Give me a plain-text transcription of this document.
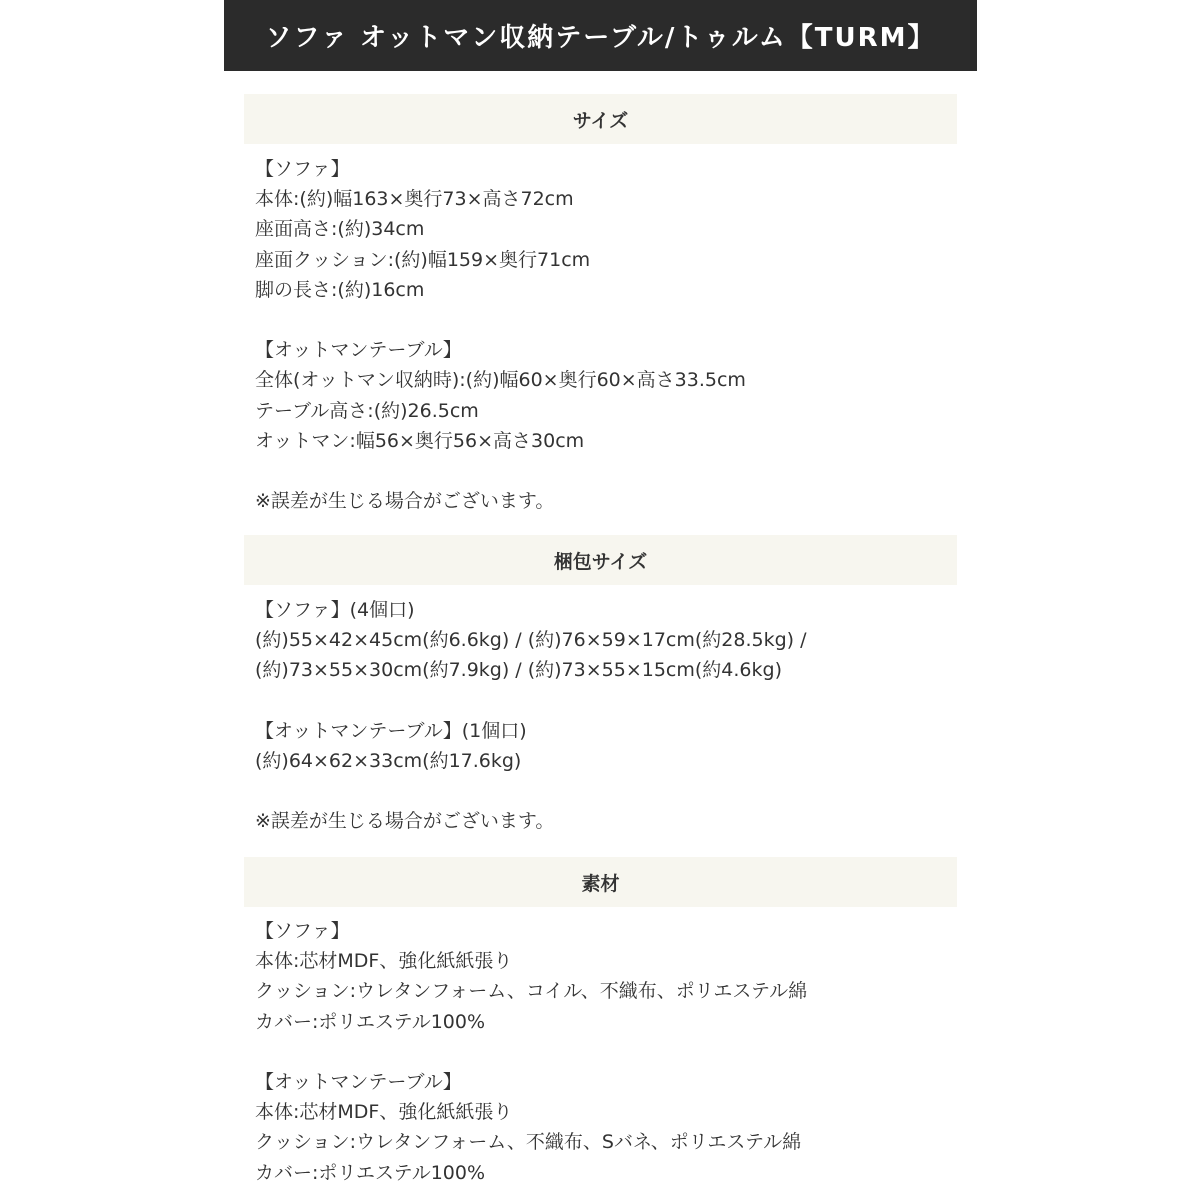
ソファ オットマン収納テーブル/トゥルム【TURM】
サイズ
【ソファ】
本体:(約)幅163×奥行73×高さ72cm
座面高さ:(約)34cm
座面クッション:(約)幅159×奥行71cm
脚の長さ:(約)16cm
【オットマンテーブル】
全体(オットマン収納時):(約)幅60×奥行60×高さ33.5cm
テーブル高さ:(約)26.5cm
オットマン:幅56×奥行56×高さ30cm
※誤差が生じる場合がございます。
梱包サイズ
【ソファ】(4個口)
(約)55×42×45cm(約6.6kg) / (約)76×59×17cm(約28.5kg) /
(約)73×55×30cm(約7.9kg) / (約)73×55×15cm(約4.6kg)
【オットマンテーブル】(1個口)
(約)64×62×33cm(約17.6kg)
※誤差が生じる場合がございます。
素材
【ソファ】
本体:芯材MDF、強化紙紙張り
クッション:ウレタンフォーム、コイル、不織布、ポリエステル綿
カバー:ポリエステル100%
【オットマンテーブル】
本体:芯材MDF、強化紙紙張り
クッション:ウレタンフォーム、不織布、Sバネ、ポリエステル綿
カバー:ポリエステル100%
